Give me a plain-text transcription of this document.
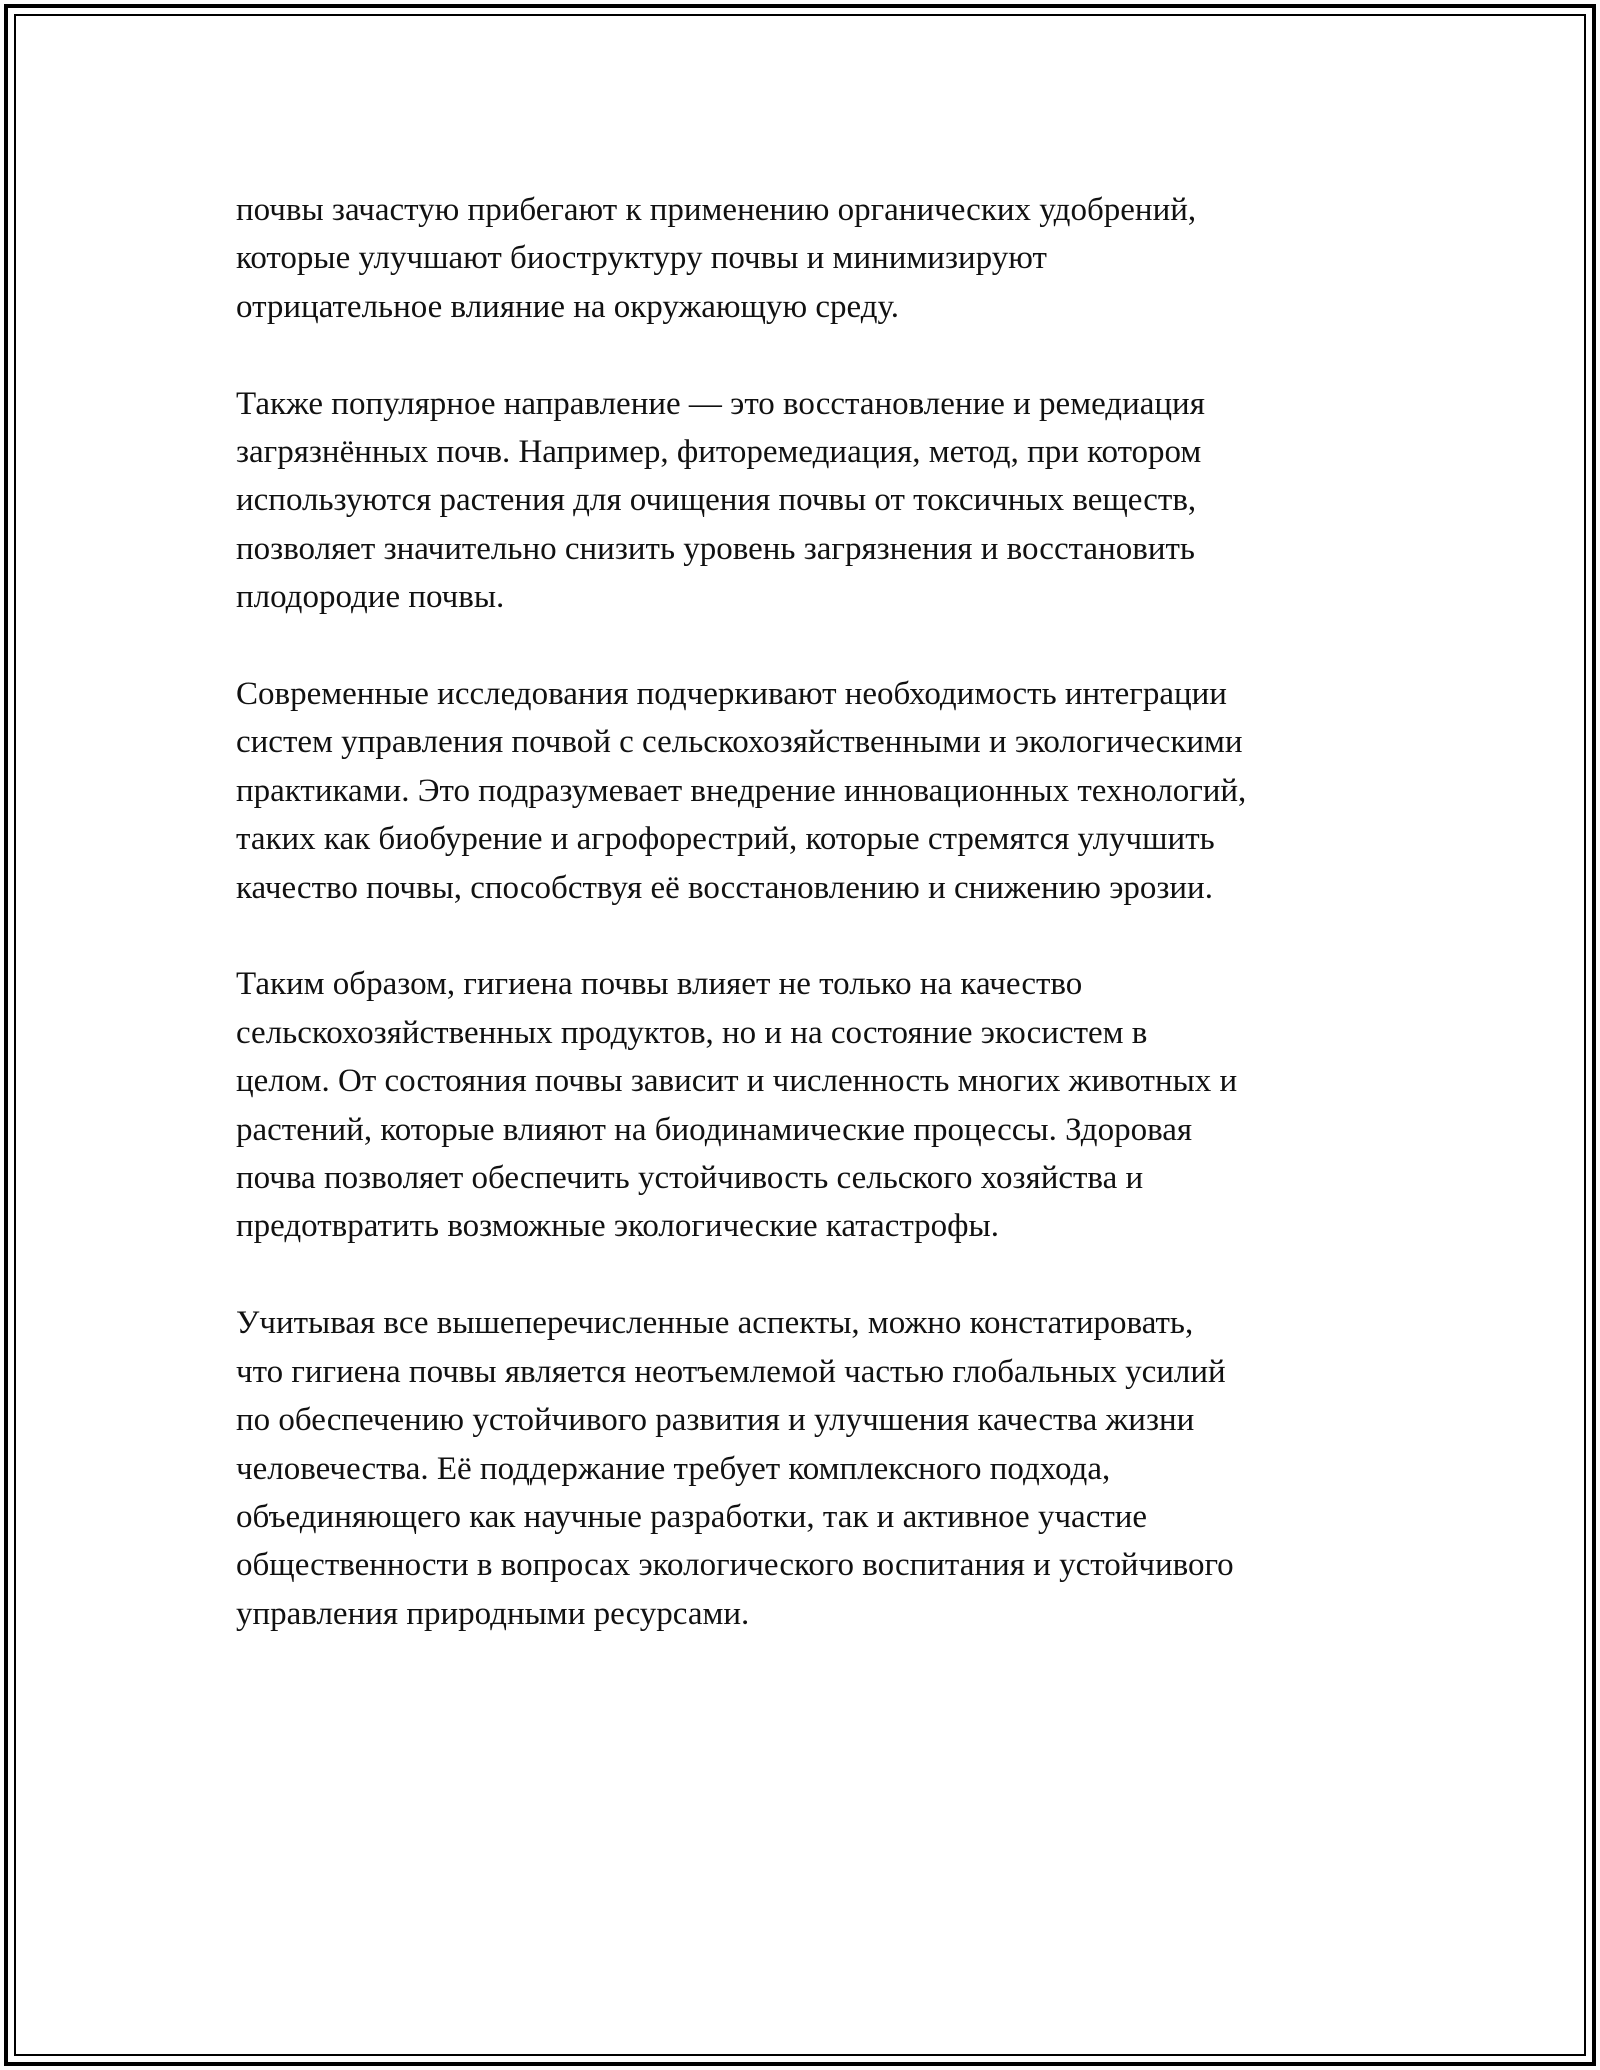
почвы зачастую прибегают к применению органических удобрений,
которые улучшают биоструктуру почвы и минимизируют
отрицательное влияние на окружающую среду.

Также популярное направление — это восстановление и ремедиация
загрязнённых почв. Например, фиторемедиация, метод, при котором
используются растения для очищения почвы от токсичных веществ,
позволяет значительно снизить уровень загрязнения и восстановить
плодородие почвы.

Современные исследования подчеркивают необходимость интеграции
систем управления почвой с сельскохозяйственными и экологическими
практиками. Это подразумевает внедрение инновационных технологий,
таких как биобурение и агрофорестрий, которые стремятся улучшить
качество почвы, способствуя её восстановлению и снижению эрозии.

Таким образом, гигиена почвы влияет не только на качество
сельскохозяйственных продуктов, но и на состояние экосистем в
целом. От состояния почвы зависит и численность многих животных и
растений, которые влияют на биодинамические процессы. Здоровая
почва позволяет обеспечить устойчивость сельского хозяйства и
предотвратить возможные экологические катастрофы.

Учитывая все вышеперечисленные аспекты, можно констатировать,
что гигиена почвы является неотъемлемой частью глобальных усилий
по обеспечению устойчивого развития и улучшения качества жизни
человечества. Её поддержание требует комплексного подхода,
объединяющего как научные разработки, так и активное участие
общественности в вопросах экологического воспитания и устойчивого
управления природными ресурсами.
